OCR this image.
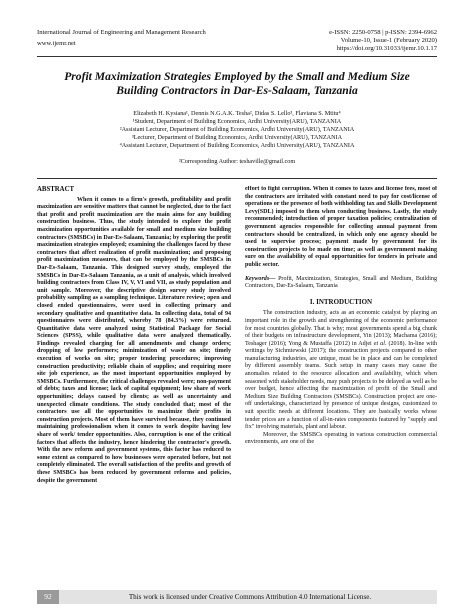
International Journal of Engineering and Management Research
www.ijemr.net
e-ISSN: 2250-0758 | p-ISSN: 2394-6962
Volume-10, Issue-1 (February 2020)
https://doi.org/10.31033/ijemr.10.1.17
Profit Maximization Strategies Employed by the Small and Medium Size
Building Contractors in Dar-Es-Salaam, Tanzania
Elizabeth H. Kysiana¹, Dennis N.G.A.K. Tesha², Didas S. Lello³, Flaviana S. Mtitu⁴
¹Student, Department of Building Economics, Ardhi University(ARU), TANZANIA
²Assistant Lecturer, Department of Building Economics, Ardhi University(ARU), TANZANIA
³Lecturer, Department of Building Economics, Ardhi University(ARU), TANZANIA
⁴Assistant Lecturer, Department of Building Economics, Ardhi University(ARU), TANZANIA
²Corresponding Author: teshaville@gmail.com
ABSTRACT

When it comes to a firm's growth, profitability and profit maximization are sensitive matters that cannot be neglected, due to the fact that profit and profit maximization are the main aims for any building construction business. Thus, the study intended to explore the profit maximization opportunities available for small and medium size building contractors (SMSBCs) in Dar-Es-Salaam, Tanzania; by exploring the profit maximization strategies employed; examining the challenges faced by these contractors that affect realization of profit maximization; and proposing profit maximization measures, that can be employed by the SMSBCs in Dar-Es-Salaam, Tanzania. This designed survey study, employed the SMSBCs in Dar-Es-Salaam Tanzania, as a unit of analysis, which involved building contractors from Class IV, V, VI and VII, as study population and unit sample. Moreover, the descriptive design survey study involved probability sampling as a sampling technique. Literature review; open and closed ended questionnaires, were used in collecting primary and secondary qualitative and quantitative data. In collecting data, total of 94 questionnaires were distributed, whereby 78 (84.3%) were returned. Quantitative data were analyzed using Statistical Package for Social Sciences (SPSS), while qualitative data were analyzed thematically. Findings revealed charging for all amendments and change orders; dropping of low performers; minimization of waste on site; timely execution of works on site; proper tendering procedures; improving construction productivity; reliable chain of supplies; and requiring more site job experience, as the most important opportunities employed by SMSBCs. Furthermore, the critical challenges revealed were; non-payment of debts; taxes and license; lack of capital equipment; low share of work opportunities; delays caused by clients; as well as uncertainty and unexpected climate conditions. The study concluded that; most of the contractors use all the opportunities to maximize their profits in construction projects. Most of them have survived because, they continued maintaining professionalism when it comes to work despite having low share of work/ tender opportunities. Also, corruption is one of the critical factors that affects the industry, hence hindering the contractor's growth. With the new reform and government systems, this factor has reduced to some extent as compared to how businesses were operated before, but not completely eliminated. The overall satisfaction of the profits and growth of these SMSBCs has been reduced by government reforms and policies, despite the government

effort to fight corruption. When it comes to taxes and license fees, most of the contractors are irritated with constant need to pay for cost/license of operations or the presence of both withholding tax and Skills Development Levy(SDL) imposed to them when conducting business. Lastly, the study recommended; introduction of proper taxation policies; centralization of government agencies responsible for collecting annual payment from contractors should be centralized, in which only one agency should be used to supervise process; payment made by government for its construction projects to be made on time; as well as government making sure on the availability of equal opportunities for tenders in private and public sector.

Keywords— Profit, Maximization, Strategies, Small and Medium, Building Contractors, Dar-Es-Salaam, Tanzania

I. INTRODUCTION

The construction industry, acts as an economic catalyst by playing an important role in the growth and strengthening of the economic performance for most countries globally. That is why; most governments spend a big chunk of their budgets on infrastructure development, Yin (2013); Machama (2016); Teshager (2016); Yong & Mustaffa (2012) in Adjei et al. (2018). In-line with writings by Sichmiewski (2017); the construction projects compared to other manufacturing industries, are unique, must be in place and can be completed by different assembly teams. Such setup in many cases may cause the anomalies related to the resource allocation and availability, which when seasoned with stakeholder needs, may push projects to be delayed as well as be over budget, hence affecting the maximization of profit of the Small and Medium Size Building Contractors (SMSBCs). Construction project are one-off undertakings, characterized by presence of unique designs, customized to suit specific needs at different locations. They are basically works whose tender prices are a function of all-in-rates components featured by "supply and fix" involving materials, plant and labour.

Moreover, the SMSBCs operating in various construction commercial environments, are one of the

92	This work is licensed under Creative Commons Attribution 4.0 International License.
